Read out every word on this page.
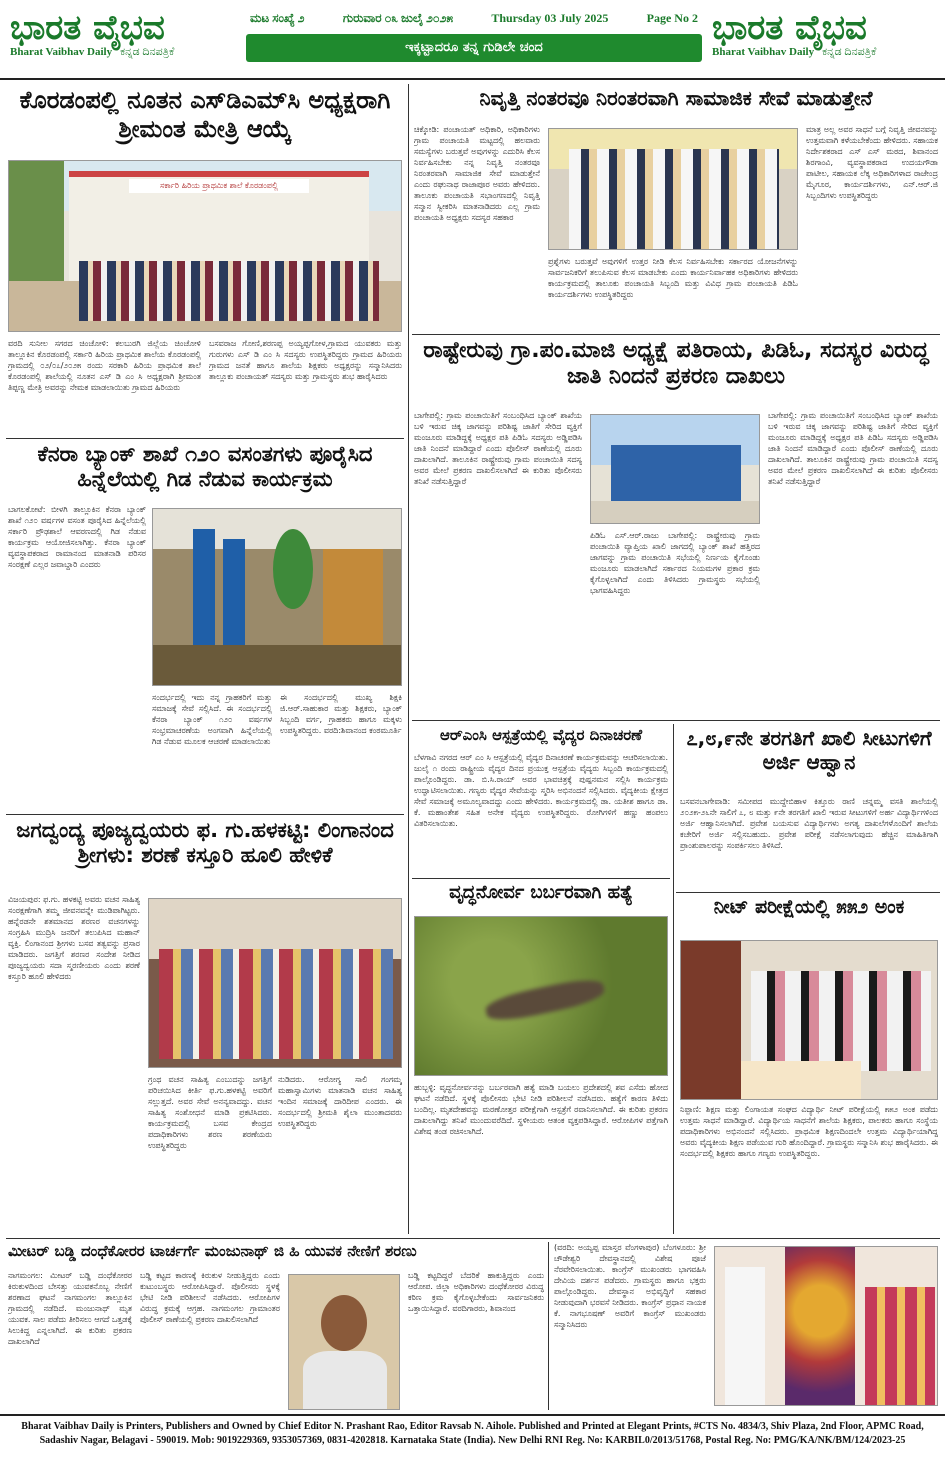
ಭಾರತ ವೈಭವ
Bharat Vaibhav Daily ಕನ್ನಡ ದಿನಪತ್ರಿಕೆ
ಮಟ ಸಂಖ್ಯೆ ೨	ಗುರುವಾರ ೦೩ ಜುಲೈ ೨೦೨೫	Thursday 03 July 2025	Page No 2
ಇಕ್ಕಟ್ಟಾದರೂ ತನ್ನ ಗುಡಿಲೇ ಚಂದ	ಭಾರತ ವೈಭವ
Bharat Vaibhav Daily ಕನ್ನಡ ದಿನಪತ್ರಿಕೆ
ಕೊರಡಂಪಲ್ಲಿ ನೂತನ ಎಸ್‌ಡಿಎಮ್‌ಸಿ ಅಧ್ಯಕ್ಷರಾಗಿ ಶ್ರೀಮಂತ ಮೇತ್ರಿ ಆಯ್ಕೆ
ಸರ್ಕಾರಿ ಹಿರಿಯ ಪ್ರಾಥಮಿಕ ಶಾಲೆ ಕೊರಡಂಪಲ್ಲಿ
ವರದಿ ಸುನೀಲ ಸಗರದ ಚಿಂಚೋಳಿ: ಕಲಬುರಗಿ ಜಿಲ್ಲೆಯ ಚಿಂಚೋಳಿ ತಾಲ್ಲೂಕಿನ ಕೊರಡಂಪಲ್ಲಿ ಸರ್ಕಾರಿ ಹಿರಿಯ ಪ್ರಾಥಮಿಕ ಶಾಲೆಯ ಕೊರಡಂಪಲ್ಲಿ ಗ್ರಾಮದಲ್ಲಿ ೦೨/೦೭/೨೦೨೫ ರಂದು ಸರಕಾರಿ ಹಿರಿಯ ಪ್ರಾಥಮಿಕ ಶಾಲೆ ಕೊರಡಂಪಲ್ಲಿ ಶಾಲೆಯಲ್ಲಿ ನೂತನ ಎಸ್ ಡಿ ಎಂ ಸಿ ಅಧ್ಯಕ್ಷರಾಗಿ ಶ್ರೀಮಂತ ತಿಪ್ಪಣ್ಣ ಮೇತ್ರಿ ಅವರನ್ನು ನೇಮಕ ಮಾಡಲಾಯಿತು ಗ್ರಾಮದ ಹಿರಿಯರು
ಬಸವರಾಜ ಗೋಣಿ,ಶರಣಪ್ಪ ಅಯ್ಯಪ್ಪಗೋಳ,ಗ್ರಾಮದ ಯುವಕರು ಮತ್ತು ಗುರುಗಳು ಎಸ್ ಡಿ ಎಂ ಸಿ ಸದಸ್ಯರು ಉಪಸ್ಥಿತರಿದ್ದರು ಗ್ರಾಮದ ಹಿರಿಯರು ಗ್ರಾಮದ ಜನತೆ ಹಾಗೂ ಶಾಲೆಯ ಶಿಕ್ಷಕರು ಅಧ್ಯಕ್ಷರನ್ನು ಸನ್ಮಾನಿಸಿದರು ತಾಲ್ಲೂಕು ಪಂಚಾಯತ್ ಸದಸ್ಯರು ಮತ್ತು ಗ್ರಾಮಸ್ಥರು ಶುಭ ಹಾರೈಸಿದರು
ಕೆನರಾ ಬ್ಯಾಂಕ್ ಶಾಖೆ ೧೨೦ ವಸಂತಗಳು ಪೂರೈಸಿದ ಹಿನ್ನೆಲೆಯಲ್ಲಿ ಗಿಡ ನೆಡುವ ಕಾರ್ಯಕ್ರಮ
ಬಾಗಲಕೋಟೆ: ಬೀಳಗಿ ತಾಲ್ಲೂಕಿನ ಕೆನರಾ ಬ್ಯಾಂಕ್ ಶಾಖೆ ೧೨೦ ವರ್ಷಗಳ ವಸಂತ ಪೂರೈಸಿದ ಹಿನ್ನೆಲೆಯಲ್ಲಿ ಸರ್ಕಾರಿ ಪ್ರೌಢಶಾಲೆ ಆವರಣದಲ್ಲಿ ಗಿಡ ನೆಡುವ ಕಾರ್ಯಕ್ರಮ ಆಯೋಜಿಸಲಾಗಿತ್ತು. ಕೆನರಾ ಬ್ಯಾಂಕ್ ವ್ಯವಸ್ಥಾಪಕರಾದ ರಾಮಾನಂದ ಮಾತನಾಡಿ ಪರಿಸರ ಸಂರಕ್ಷಣೆ ಎಲ್ಲರ ಜವಾಬ್ದಾರಿ ಎಂದರು
ಸಂದರ್ಭದಲ್ಲಿ ಇದು ನನ್ನ ಗ್ರಾಹಕರಿಗೆ ಮತ್ತು ಸಮಾಜಕ್ಕೆ ಸೇವೆ ಸಲ್ಲಿಸಿದೆ. ಈ ಸಂದರ್ಭದಲ್ಲಿ ಕೆನರಾ ಬ್ಯಾಂಕ್ ೧೨೦ ವರ್ಷಗಳ ಸಂಭ್ರಮಾಚರಣೆಯ ಅಂಗವಾಗಿ ಹಿನ್ನೆಲೆಯಲ್ಲಿ ಗಿಡ ನೆಡುವ ಮೂಲಕ ಆಚರಣೆ ಮಾಡಲಾಯಿತು
ಈ ಸಂದರ್ಭದಲ್ಲಿ ಮುಖ್ಯ ಶಿಕ್ಷಕಿ ಜಿ.ಆರ್.ಸಾಹುಕಾರ ಮತ್ತು ಶಿಕ್ಷಕರು, ಬ್ಯಾಂಕ್ ಸಿಬ್ಬಂದಿ ವರ್ಗ, ಗ್ರಾಹಕರು ಹಾಗೂ ಮಕ್ಕಳು ಉಪಸ್ಥಿತರಿದ್ದರು. ವರದಿ:ಶಿವಾನಂದ ಕಂಠಮೂರ್ತಿ
ಜಗದ್ವಂದ್ಯ ಪೂಜ್ಯದ್ವಯರು ಫ. ಗು.ಹಳಕಟ್ಟಿ: ಲಿಂಗಾನಂದ ಶ್ರೀಗಳು: ಶರಣೆ ಕಸ್ತೂರಿ ಹೂಲಿ ಹೇಳಿಕೆ
ವಿಜಯಪುರ: ಫ.ಗು. ಹಳಕಟ್ಟಿ ಅವರು ವಚನ ಸಾಹಿತ್ಯ ಸಂರಕ್ಷಣೆಗಾಗಿ ತಮ್ಮ ಜೀವನವನ್ನೇ ಮುಡಿಪಾಗಿಟ್ಟರು. ಹನ್ನೆರಡನೇ ಶತಮಾನದ ಶರಣರ ವಚನಗಳನ್ನು ಸಂಗ್ರಹಿಸಿ ಮುದ್ರಿಸಿ ಜನರಿಗೆ ತಲುಪಿಸಿದ ಮಹಾನ್ ವ್ಯಕ್ತಿ. ಲಿಂಗಾನಂದ ಶ್ರೀಗಳು ಬಸವ ತತ್ವವನ್ನು ಪ್ರಸಾರ ಮಾಡಿದರು. ಜಗತ್ತಿಗೆ ಶರಣರ ಸಂದೇಶ ನೀಡಿದ ಪೂಜ್ಯದ್ವಯರು ಸದಾ ಸ್ಮರಣೀಯರು ಎಂದು ಶರಣೆ ಕಸ್ತೂರಿ ಹೂಲಿ ಹೇಳಿದರು
ಗ್ರಂಥ ವಚನ ಸಾಹಿತ್ಯ ಎಂಬುದನ್ನು ಜಗತ್ತಿಗೆ ಪರಿಚಯಿಸಿದ ಕೀರ್ತಿ ಫ.ಗು.ಹಳಕಟ್ಟಿ ಅವರಿಗೆ ಸಲ್ಲುತ್ತದೆ. ಅವರ ಸೇವೆ ಅನನ್ಯವಾದದ್ದು. ವಚನ ಸಾಹಿತ್ಯ ಸಂಶೋಧನೆ ಮಾಡಿ ಪ್ರಕಟಿಸಿದರು. ಕಾರ್ಯಕ್ರಮದಲ್ಲಿ ಬಸವ ಕೇಂದ್ರದ ಪದಾಧಿಕಾರಿಗಳು ಶರಣ ಶರಣೆಯರು ಉಪಸ್ಥಿತರಿದ್ದರು
ನುಡಿದರು. ಆರೋಗ್ಯ ಸಾಲಿ ಗಂಗಮ್ಮ ಮಹಾಸ್ವಾಮಿಗಳು ಮಾತನಾಡಿ ವಚನ ಸಾಹಿತ್ಯ ಇಂದಿನ ಸಮಾಜಕ್ಕೆ ದಾರಿದೀಪ ಎಂದರು. ಈ ಸಂದರ್ಭದಲ್ಲಿ ಶ್ರೀಮತಿ ಶೈಲಾ ಮುಂತಾದವರು ಉಪಸ್ಥಿತರಿದ್ದರು
ನಿವೃತ್ತಿ ನಂತರವೂ ನಿರಂತರವಾಗಿ ಸಾಮಾಜಿಕ ಸೇವೆ ಮಾಡುತ್ತೇನೆ
ಚಿಕ್ಕೋಡಿ: ಪಂಚಾಯತ್ ಅಧಿಕಾರಿ, ಅಧಿಕಾರಿಗಳು ಗ್ರಾಮ ಪಂಚಾಯತಿ ಮಟ್ಟದಲ್ಲಿ ಹಲವಾರು ಸಮಸ್ಯೆಗಳು ಬರುತ್ತವೆ ಅವುಗಳನ್ನು ಎದುರಿಸಿ ಕೆಲಸ ನಿರ್ವಹಿಸಬೇಕು ನನ್ನ ನಿವೃತ್ತಿ ನಂತರವೂ ನಿರಂತರವಾಗಿ ಸಾಮಾಜಿಕ ಸೇವೆ ಮಾಡುತ್ತೇನೆ ಎಂದು ರಘುನಾಥ ರಾಜಾಪೂರ ಅವರು ಹೇಳಿದರು. ತಾಲೂಕು ಪಂಚಾಯತಿ ಸಭಾಂಗಣದಲ್ಲಿ ನಿವೃತ್ತಿ ಸನ್ಮಾನ ಸ್ವೀಕರಿಸಿ ಮಾತನಾಡಿದರು ಎಲ್ಲ ಗ್ರಾಮ ಪಂಚಾಯತಿ ಅಧ್ಯಕ್ಷರು ಸದಸ್ಯರ ಸಹಕಾರ
ಪ್ರಶ್ನೆಗಳು ಬರುತ್ತವೆ ಅವುಗಳಿಗೆ ಉತ್ತರ ನೀಡಿ ಕೆಲಸ ನಿರ್ವಹಿಸಬೇಕು ಸರ್ಕಾರದ ಯೋಜನೆಗಳನ್ನು ಸಾರ್ವಜನಿಕರಿಗೆ ತಲುಪಿಸುವ ಕೆಲಸ ಮಾಡಬೇಕು ಎಂದು ಕಾರ್ಯನಿರ್ವಾಹಕ ಅಧಿಕಾರಿಗಳು ಹೇಳಿದರು ಕಾರ್ಯಕ್ರಮದಲ್ಲಿ ತಾಲೂಕು ಪಂಚಾಯತಿ ಸಿಬ್ಬಂದಿ ಮತ್ತು ವಿವಿಧ ಗ್ರಾಮ ಪಂಚಾಯತಿ ಪಿಡಿಓ ಕಾರ್ಯದರ್ಶಿಗಳು ಉಪಸ್ಥಿತರಿದ್ದರು
ಮಾತ್ರ ಅಲ್ಲ ಅವರ ಸಾಧನೆ ಬಗ್ಗೆ ನಿವೃತ್ತಿ ಜೀವನವನ್ನು ಉತ್ತಮವಾಗಿ ಕಳೆಯಬೇಕೆಂದು ಹೇಳಿದರು. ಸಹಾಯಕ ನಿರ್ದೇಶಕರಾದ ಎಸ್ ಎಸ್ ಮಠದ, ಶಿವಾನಂದ ಶಿರಗಾಂವಿ, ವ್ಯವಸ್ಥಾಪಕರಾದ ಉದಯಗೌಡಾ ಪಾಟೀಲ, ಸಹಾಯಕ ಲೆಕ್ಕ ಅಧಿಕಾರಿಗಳಾದ ರಾಜೇಂದ್ರ ಮೈಗೂರ, ಕಾರ್ಯದರ್ಶಿಗಳು, ಎನ್.ಆರ್.ಜಿ ಸಿಬ್ಬಂದಿಗಳು ಉಪಸ್ಥಿತರಿದ್ದರು
ರಾಷ್ಟೇರುವು ಗ್ರಾ.ಪಂ.ಮಾಜಿ ಅಧ್ಯಕ್ಷೆ ಪತಿರಾಯ, ಪಿಡಿಓ, ಸದಸ್ಯರ ವಿರುದ್ಧ ಜಾತಿ ನಿಂದನೆ ಪ್ರಕರಣ ದಾಖಲು
ಬಾಗೇಪಲ್ಲಿ: ಗ್ರಾಮ ಪಂಚಾಯಿತಿಗೆ ಸಂಬಂಧಿಸಿದ ಬ್ಯಾಂಕ್ ಶಾಖೆಯ ಬಳಿ ಇರುವ ಚಿಕ್ಕ ಜಾಗವನ್ನು ಪರಿಶಿಷ್ಟ ಜಾತಿಗೆ ಸೇರಿದ ವ್ಯಕ್ತಿಗೆ ಮಂಜೂರು ಮಾಡಿದ್ದಕ್ಕೆ ಅಧ್ಯಕ್ಷರ ಪತಿ ಪಿಡಿಓ ಸದಸ್ಯರು ಅಡ್ಡಿಪಡಿಸಿ ಜಾತಿ ನಿಂದನೆ ಮಾಡಿದ್ದಾರೆ ಎಂದು ಪೊಲೀಸ್ ಠಾಣೆಯಲ್ಲಿ ದೂರು ದಾಖಲಾಗಿದೆ. ತಾಲೂಕಿನ ರಾಷ್ಟ್ರೇರುವು ಗ್ರಾಮ ಪಂಚಾಯಿತಿ ಸದಸ್ಯ ಅವರ ಮೇಲೆ ಪ್ರಕರಣ ದಾಖಲಿಸಲಾಗಿದೆ ಈ ಕುರಿತು ಪೊಲೀಸರು ತನಿಖೆ ನಡೆಸುತ್ತಿದ್ದಾರೆ
ಪಿಡಿಓ ಎಸ್.ಆರ್.ರಾಜು ಬಾಗೇಪಲ್ಲಿ: ರಾಷ್ಟ್ರೇರುವು ಗ್ರಾಮ ಪಂಚಾಯಿತಿ ವ್ಯಾಪ್ತಿಯ ಖಾಲಿ ಜಾಗದಲ್ಲಿ ಬ್ಯಾಂಕ್ ಶಾಖೆ ಹತ್ತಿರದ ಜಾಗವನ್ನು ಗ್ರಾಮ ಪಂಚಾಯಿತಿ ಸಭೆಯಲ್ಲಿ ನಿರ್ಣಯ ಕೈಗೊಂಡು ಮಂಜೂರು ಮಾಡಲಾಗಿದೆ ಸರ್ಕಾರದ ನಿಯಮಗಳ ಪ್ರಕಾರ ಕ್ರಮ ಕೈಗೊಳ್ಳಲಾಗಿದೆ ಎಂದು ತಿಳಿಸಿದರು ಗ್ರಾಮಸ್ಥರು ಸಭೆಯಲ್ಲಿ ಭಾಗವಹಿಸಿದ್ದರು
ಬಾಗೇಪಲ್ಲಿ: ಗ್ರಾಮ ಪಂಚಾಯಿತಿಗೆ ಸಂಬಂಧಿಸಿದ ಬ್ಯಾಂಕ್ ಶಾಖೆಯ ಬಳಿ ಇರುವ ಚಿಕ್ಕ ಜಾಗವನ್ನು ಪರಿಶಿಷ್ಟ ಜಾತಿಗೆ ಸೇರಿದ ವ್ಯಕ್ತಿಗೆ ಮಂಜೂರು ಮಾಡಿದ್ದಕ್ಕೆ ಅಧ್ಯಕ್ಷರ ಪತಿ ಪಿಡಿಓ ಸದಸ್ಯರು ಅಡ್ಡಿಪಡಿಸಿ ಜಾತಿ ನಿಂದನೆ ಮಾಡಿದ್ದಾರೆ ಎಂದು ಪೊಲೀಸ್ ಠಾಣೆಯಲ್ಲಿ ದೂರು ದಾಖಲಾಗಿದೆ. ತಾಲೂಕಿನ ರಾಷ್ಟ್ರೇರುವು ಗ್ರಾಮ ಪಂಚಾಯಿತಿ ಸದಸ್ಯ ಅವರ ಮೇಲೆ ಪ್ರಕರಣ ದಾಖಲಿಸಲಾಗಿದೆ ಈ ಕುರಿತು ಪೊಲೀಸರು ತನಿಖೆ ನಡೆಸುತ್ತಿದ್ದಾರೆ
ಆರ್‌ಎಂಸಿ ಆಸ್ಪತ್ರೆಯಲ್ಲಿ ವೈದ್ಯರ ದಿನಾಚರಣೆ
ಬೆಳಗಾವಿ ನಗರದ ಆರ್ ಎಂ ಸಿ ಆಸ್ಪತ್ರೆಯಲ್ಲಿ ವೈದ್ಯರ ದಿನಾಚರಣೆ ಕಾರ್ಯಕ್ರಮವನ್ನು ಆಚರಿಸಲಾಯಿತು. ಜುಲೈ ೧ ರಂದು ರಾಷ್ಟ್ರೀಯ ವೈದ್ಯರ ದಿನದ ಪ್ರಯುಕ್ತ ಆಸ್ಪತ್ರೆಯ ವೈದ್ಯರು ಸಿಬ್ಬಂದಿ ಕಾರ್ಯಕ್ರಮದಲ್ಲಿ ಪಾಲ್ಗೊಂಡಿದ್ದರು. ಡಾ. ಬಿ.ಸಿ.ರಾಯ್ ಅವರ ಭಾವಚಿತ್ರಕ್ಕೆ ಪುಷ್ಪನಮನ ಸಲ್ಲಿಸಿ ಕಾರ್ಯಕ್ರಮ ಉದ್ಘಾಟಿಸಲಾಯಿತು. ಗಣ್ಯರು ವೈದ್ಯರ ಸೇವೆಯನ್ನು ಸ್ಮರಿಸಿ ಅಭಿನಂದನೆ ಸಲ್ಲಿಸಿದರು. ವೈದ್ಯಕೀಯ ಕ್ಷೇತ್ರದ ಸೇವೆ ಸಮಾಜಕ್ಕೆ ಅಮೂಲ್ಯವಾದದ್ದು ಎಂದು ಹೇಳಿದರು. ಕಾರ್ಯಕ್ರಮದಲ್ಲಿ ಡಾ. ಯತೀಶ ಹಾಗೂ ಡಾ. ಕೆ. ಮಹಾಂತೇಶ ಸಹಿತ ಅನೇಕ ವೈದ್ಯರು ಉಪಸ್ಥಿತರಿದ್ದರು. ರೋಗಿಗಳಿಗೆ ಹಣ್ಣು ಹಂಪಲು ವಿತರಿಸಲಾಯಿತು.
ವೃದ್ಧನೋರ್ವ ಬರ್ಬರವಾಗಿ ಹತ್ಯೆ
ಹುಬ್ಬಳ್ಳಿ: ವೃದ್ಧನೋರ್ವನನ್ನು ಬರ್ಬರವಾಗಿ ಹತ್ಯೆ ಮಾಡಿ ಬಯಲು ಪ್ರದೇಶದಲ್ಲಿ ಶವ ಎಸೆದು ಹೋದ ಘಟನೆ ನಡೆದಿದೆ. ಸ್ಥಳಕ್ಕೆ ಪೊಲೀಸರು ಭೇಟಿ ನೀಡಿ ಪರಿಶೀಲನೆ ನಡೆಸಿದರು. ಹತ್ಯೆಗೆ ಕಾರಣ ತಿಳಿದು ಬಂದಿಲ್ಲ. ಮೃತದೇಹವನ್ನು ಮರಣೋತ್ತರ ಪರೀಕ್ಷೆಗಾಗಿ ಆಸ್ಪತ್ರೆಗೆ ರವಾನಿಸಲಾಗಿದೆ. ಈ ಕುರಿತು ಪ್ರಕರಣ ದಾಖಲಾಗಿದ್ದು ತನಿಖೆ ಮುಂದುವರೆದಿದೆ. ಸ್ಥಳೀಯರು ಆತಂಕ ವ್ಯಕ್ತಪಡಿಸಿದ್ದಾರೆ. ಆರೋಪಿಗಳ ಪತ್ತೆಗಾಗಿ ವಿಶೇಷ ತಂಡ ರಚಿಸಲಾಗಿದೆ.
೭,೮,೯ನೇ ತರಗತಿಗೆ ಖಾಲಿ ಸೀಟುಗಳಿಗೆ ಅರ್ಜಿ ಆಹ್ವಾನ
ಬಸವನಬಾಗೇವಾಡಿ: ಸಮೀಪದ ಮುದ್ದೇಬಿಹಾಳ ಕಿತ್ತೂರು ರಾಣಿ ಚನ್ನಮ್ಮ ವಸತಿ ಶಾಲೆಯಲ್ಲಿ ೨೦೨೫-೨೬ನೇ ಸಾಲಿಗೆ ೭, ೮ ಮತ್ತು ೯ನೇ ತರಗತಿಗೆ ಖಾಲಿ ಇರುವ ಸೀಟುಗಳಿಗೆ ಅರ್ಹ ವಿದ್ಯಾರ್ಥಿಗಳಿಂದ ಅರ್ಜಿ ಆಹ್ವಾನಿಸಲಾಗಿದೆ. ಪ್ರವೇಶ ಬಯಸುವ ವಿದ್ಯಾರ್ಥಿಗಳು ಅಗತ್ಯ ದಾಖಲೆಗಳೊಂದಿಗೆ ಶಾಲೆಯ ಕಚೇರಿಗೆ ಅರ್ಜಿ ಸಲ್ಲಿಸಬಹುದು. ಪ್ರವೇಶ ಪರೀಕ್ಷೆ ನಡೆಸಲಾಗುವುದು ಹೆಚ್ಚಿನ ಮಾಹಿತಿಗಾಗಿ ಪ್ರಾಂಶುಪಾಲರನ್ನು ಸಂಪರ್ಕಿಸಲು ತಿಳಿಸಿದೆ.
ನೀಟ್ ಪರೀಕ್ಷೆಯಲ್ಲಿ ೫೫೨ ಅಂಕ
ನಿಪ್ಪಾಣಿ: ಶಿಕ್ಷಣ ಮತ್ತು ಲಿಂಗಾಯತ ಸಂಘದ ವಿದ್ಯಾರ್ಥಿ ನೀಟ್ ಪರೀಕ್ಷೆಯಲ್ಲಿ ೫೫೨ ಅಂಕ ಪಡೆದು ಉತ್ತಮ ಸಾಧನೆ ಮಾಡಿದ್ದಾರೆ. ವಿದ್ಯಾರ್ಥಿಯ ಸಾಧನೆಗೆ ಶಾಲೆಯ ಶಿಕ್ಷಕರು, ಪಾಲಕರು ಹಾಗೂ ಸಂಸ್ಥೆಯ ಪದಾಧಿಕಾರಿಗಳು ಅಭಿನಂದನೆ ಸಲ್ಲಿಸಿದರು. ಪ್ರಾಥಮಿಕ ಶಿಕ್ಷಣದಿಂದಲೇ ಉತ್ತಮ ವಿದ್ಯಾರ್ಥಿಯಾಗಿದ್ದ ಅವರು ವೈದ್ಯಕೀಯ ಶಿಕ್ಷಣ ಪಡೆಯುವ ಗುರಿ ಹೊಂದಿದ್ದಾರೆ. ಗ್ರಾಮಸ್ಥರು ಸನ್ಮಾನಿಸಿ ಶುಭ ಹಾರೈಸಿದರು. ಈ ಸಂದರ್ಭದಲ್ಲಿ ಶಿಕ್ಷಕರು ಹಾಗೂ ಗಣ್ಯರು ಉಪಸ್ಥಿತರಿದ್ದರು.
ಮೀಟರ್ ಬಡ್ಡಿ ದಂಧೆಕೋರರ ಟಾರ್ಚರ್ಗೆ ಮಂಜುನಾಥ್ ಜಿ ಹಿ ಯುವಕ ನೇಣಿಗೆ ಶರಣು
ನಾಗಮಂಗಲ: ಮೀಟರ್ ಬಡ್ಡಿ ದಂಧೆಕೋರರ ಕಿರುಕುಳದಿಂದ ಬೇಸತ್ತು ಯುವಕನೊಬ್ಬ ನೇಣಿಗೆ ಶರಣಾದ ಘಟನೆ ನಾಗಮಂಗಲ ತಾಲ್ಲೂಕಿನ ಗ್ರಾಮದಲ್ಲಿ ನಡೆದಿದೆ. ಮಂಜುನಾಥ್ ಮೃತ ಯುವಕ. ಸಾಲ ಪಡೆದು ತೀರಿಸಲು ಆಗದೆ ಒತ್ತಡಕ್ಕೆ ಸಿಲುಕಿದ್ದ ಎನ್ನಲಾಗಿದೆ. ಈ ಕುರಿತು ಪ್ರಕರಣ ದಾಖಲಾಗಿದೆ
ಬಡ್ಡಿ ಕಟ್ಟದ ಕಾರಣಕ್ಕೆ ಕಿರುಕುಳ ನೀಡುತ್ತಿದ್ದರು ಎಂದು ಕುಟುಂಬಸ್ಥರು ಆರೋಪಿಸಿದ್ದಾರೆ. ಪೊಲೀಸರು ಸ್ಥಳಕ್ಕೆ ಭೇಟಿ ನೀಡಿ ಪರಿಶೀಲನೆ ನಡೆಸಿದರು. ಆರೋಪಿಗಳ ವಿರುದ್ಧ ಕ್ರಮಕ್ಕೆ ಆಗ್ರಹ. ನಾಗಮಂಗಲ ಗ್ರಾಮಾಂತರ ಪೊಲೀಸ್ ಠಾಣೆಯಲ್ಲಿ ಪ್ರಕರಣ ದಾಖಲಿಸಲಾಗಿದೆ
ಬಡ್ಡಿ ಕಟ್ಟದಿದ್ದರೆ ಬೆದರಿಕೆ ಹಾಕುತ್ತಿದ್ದರು ಎಂದು ಆರೋಪ. ಜಿಲ್ಲಾ ಅಧಿಕಾರಿಗಳು ದಂಧೆಕೋರರ ವಿರುದ್ಧ ಕಠಿಣ ಕ್ರಮ ಕೈಗೊಳ್ಳಬೇಕೆಂದು ಸಾರ್ವಜನಿಕರು ಒತ್ತಾಯಿಸಿದ್ದಾರೆ. ವರದಿಗಾರರು, ಶಿವಾನಂದ
(ವರದಿ: ಅಯ್ಯಪ್ಪ ಮಾಸ್ತರ ವೆಂಗಳಾಪುರ) ಬೆಂಗಳೂರು: ಶ್ರೀ ಚೌಡೇಶ್ವರಿ ದೇವಸ್ಥಾನದಲ್ಲಿ ವಿಶೇಷ ಪೂಜೆ ನೆರವೇರಿಸಲಾಯಿತು. ಕಾಂಗ್ರೆಸ್ ಮುಖಂಡರು ಭಾಗವಹಿಸಿ ದೇವಿಯ ದರ್ಶನ ಪಡೆದರು. ಗ್ರಾಮಸ್ಥರು ಹಾಗೂ ಭಕ್ತರು ಪಾಲ್ಗೊಂಡಿದ್ದರು. ದೇವಸ್ಥಾನ ಅಭಿವೃದ್ಧಿಗೆ ಸಹಕಾರ ನೀಡುವುದಾಗಿ ಭರವಸೆ ನೀಡಿದರು. ಕಾಂಗ್ರೆಸ್ ಪ್ರಧಾನ ನಾಯಕ ಕೆ. ನಾಗಭೂಷಣ್ ಅವರಿಗೆ ಕಾಂಗ್ರೆಸ್ ಮುಖಂಡರು ಸನ್ಮಾನಿಸಿದರು
Bharat Vaibhav Daily is Printers, Publishers and Owned by Chief Editor N. Prashant Rao, Editor Ravsab N. Aihole. Published and Printed at Elegant Prints, #CTS No. 4834/3, Shiv Plaza, 2nd Floor, APMC Road,
Sadashiv Nagar, Belagavi - 590019. Mob: 9019229369, 9353057369, 0831-4202818. Karnataka State (India). New Delhi RNI Reg. No: KARBIL0/2013/51768, Postal Reg. No: PMG/KA/NK/BM/124/2023-25
